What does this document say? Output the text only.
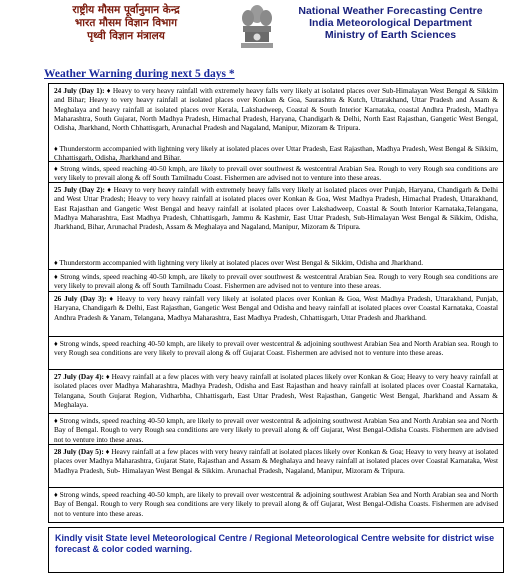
राष्ट्रीय मौसम पूर्वानुमान केन्द्र
भारत मौसम विज्ञान विभाग
पृथ्वी विज्ञान मंत्रालय
National Weather Forecasting Centre
India Meteorological Department
Ministry of Earth Sciences
Weather Warning during next 5 days *
24 July (Day 1): ♦ Heavy to very heavy rainfall with extremely heavy falls very likely at isolated places over Sub-Himalayan West Bengal & Sikkim and Bihar; Heavy to very heavy rainfall at isolated places over Konkan & Goa, Saurashtra & Kutch, Uttarakhand, Uttar Pradesh and Assam & Meghalaya and heavy rainfall at isolated places over Kerala, Lakshadweep, Coastal & South Interior Karnataka, coastal Andhra Pradesh, Madhya Maharashtra, South Gujarat, North Madhya Pradesh, Himachal Pradesh, Haryana, Chandigarh & Delhi, North East Rajasthan, Gangetic West Bengal, Odisha, Jharkhand, North Chhattisgarh, Arunachal Pradesh and Nagaland, Manipur, Mizoram & Tripura.
♦ Thunderstorm accompanied with lightning very likely at isolated places over Uttar Pradesh, East Rajasthan, Madhya Pradesh, West Bengal & Sikkim, Chhattisgarh, Odisha, Jharkhand and Bihar.
♦ Strong winds, speed reaching 40-50 kmph, are likely to prevail over southwest & westcentral Arabian Sea. Rough to very Rough sea conditions are very likely to prevail along & off South Tamilnadu Coast. Fishermen are advised not to venture into these areas.
25 July (Day 2): ♦ Heavy to very heavy rainfall with extremely heavy falls very likely at isolated places over Punjab, Haryana, Chandigarh & Delhi and West Uttar Pradesh; Heavy to very heavy rainfall at isolated places over Konkan & Goa, West Madhya Pradesh, Himachal Pradesh, Uttarakhand, East Rajasthan and Gangetic West Bengal and heavy rainfall at isolated places over Lakshadweep, Coastal & South Interior Karnataka,Telangana, Madhya Maharashtra, East Madhya Pradesh, Chhattisgarh, Jammu & Kashmir, East Uttar Pradesh, Sub-Himalayan West Bengal & Sikkim, Odisha, Jharkhand, Bihar, Arunachal Pradesh, Assam & Meghalaya and Nagaland, Manipur, Mizoram & Tripura.
♦ Thunderstorm accompanied with lightning very likely at isolated places over West Bengal & Sikkim, Odisha and Jharkhand.
♦ Strong winds, speed reaching 40-50 kmph, are likely to prevail over southwest & westcentral Arabian Sea. Rough to very Rough sea conditions are very likely to prevail along & off South Tamilnadu Coast. Fishermen are advised not to venture into these areas.
26 July (Day 3): ♦ Heavy to very heavy rainfall very likely at isolated places over Konkan & Goa, West Madhya Pradesh, Uttarakhand, Punjab, Haryana, Chandigarh & Delhi, East Rajasthan, Gangetic West Bengal and Odisha and heavy rainfall at isolated places over Coastal Karnataka, Coastal Andhra Pradesh & Yanam, Telangana, Madhya Maharashtra, East Madhya Pradesh, Chhattisgarh, Uttar Pradesh and Jharkhand.
♦ Strong winds, speed reaching 40-50 kmph, are likely to prevail over westcentral & adjoining southwest Arabian Sea and North Arabian sea. Rough to very Rough sea conditions are very likely to prevail along & off Gujarat Coast. Fishermen are advised not to venture into these areas.
27 July (Day 4): ♦ Heavy rainfall at a few places with very heavy rainfall at isolated places likely over Konkan & Goa; Heavy to very heavy rainfall at isolated places over Madhya Maharashtra, Madhya Pradesh, Odisha and East Rajasthan and heavy rainfall at isolated places over Coastal Karnataka, Telangana, South Gujarat Region, Vidharbha, Chhattisgarh, East Uttar Pradesh, West Rajasthan, Gangetic West Bengal, Jharkhand and Assam & Meghalaya.
♦ Strong winds, speed reaching 40-50 kmph, are likely to prevail over westcentral & adjoining southwest Arabian Sea and North Arabian sea and North Bay of Bengal. Rough to very Rough sea conditions are very likely to prevail along & off Gujarat, West Bengal-Odisha Coasts. Fishermen are advised not to venture into these areas.
28 July (Day 5): ♦ Heavy rainfall at a few places with very heavy rainfall at isolated places likely over Konkan & Goa; Heavy to very heavy at isolated places over Madhya Maharashtra, Gujarat State, Rajasthan and Assam & Meghalaya and heavy rainfall at isolated places over Coastal Karnataka, West Madhya Pradesh, Sub- Himalayan West Bengal & Sikkim. Arunachal Pradesh, Nagaland, Manipur, Mizoram & Tripura.
♦ Strong winds, speed reaching 40-50 kmph, are likely to prevail over westcentral & adjoining southwest Arabian Sea and North Arabian sea and North Bay of Bengal. Rough to very Rough sea conditions are very likely to prevail along & off Gujarat, West Bengal-Odisha Coasts. Fishermen are advised not to venture into these areas.
Kindly visit State level Meteorological Centre / Regional Meteorological Centre website for district wise forecast & color coded warning.
